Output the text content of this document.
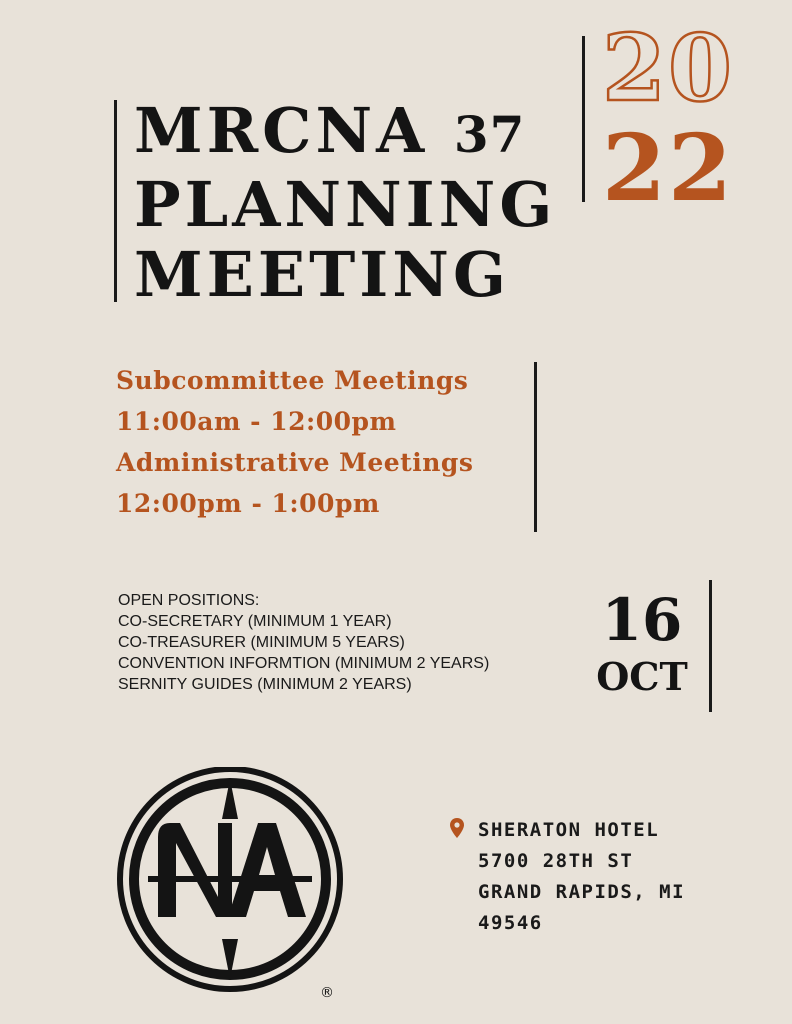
MRCNA 37
PLANNING
MEETING
20
22
Subcommittee Meetings
11:00am - 12:00pm
Administrative Meetings
12:00pm - 1:00pm
OPEN POSITIONS:
CO-SECRETARY (MINIMUM 1 YEAR)
CO-TREASURER (MINIMUM 5 YEARS)
CONVENTION INFORMTION (MINIMUM 2 YEARS)
SERNITY GUIDES (MINIMUM 2 YEARS)
16
OCT
®
SHERATON HOTEL
5700 28TH ST
GRAND RAPIDS, MI
49546
